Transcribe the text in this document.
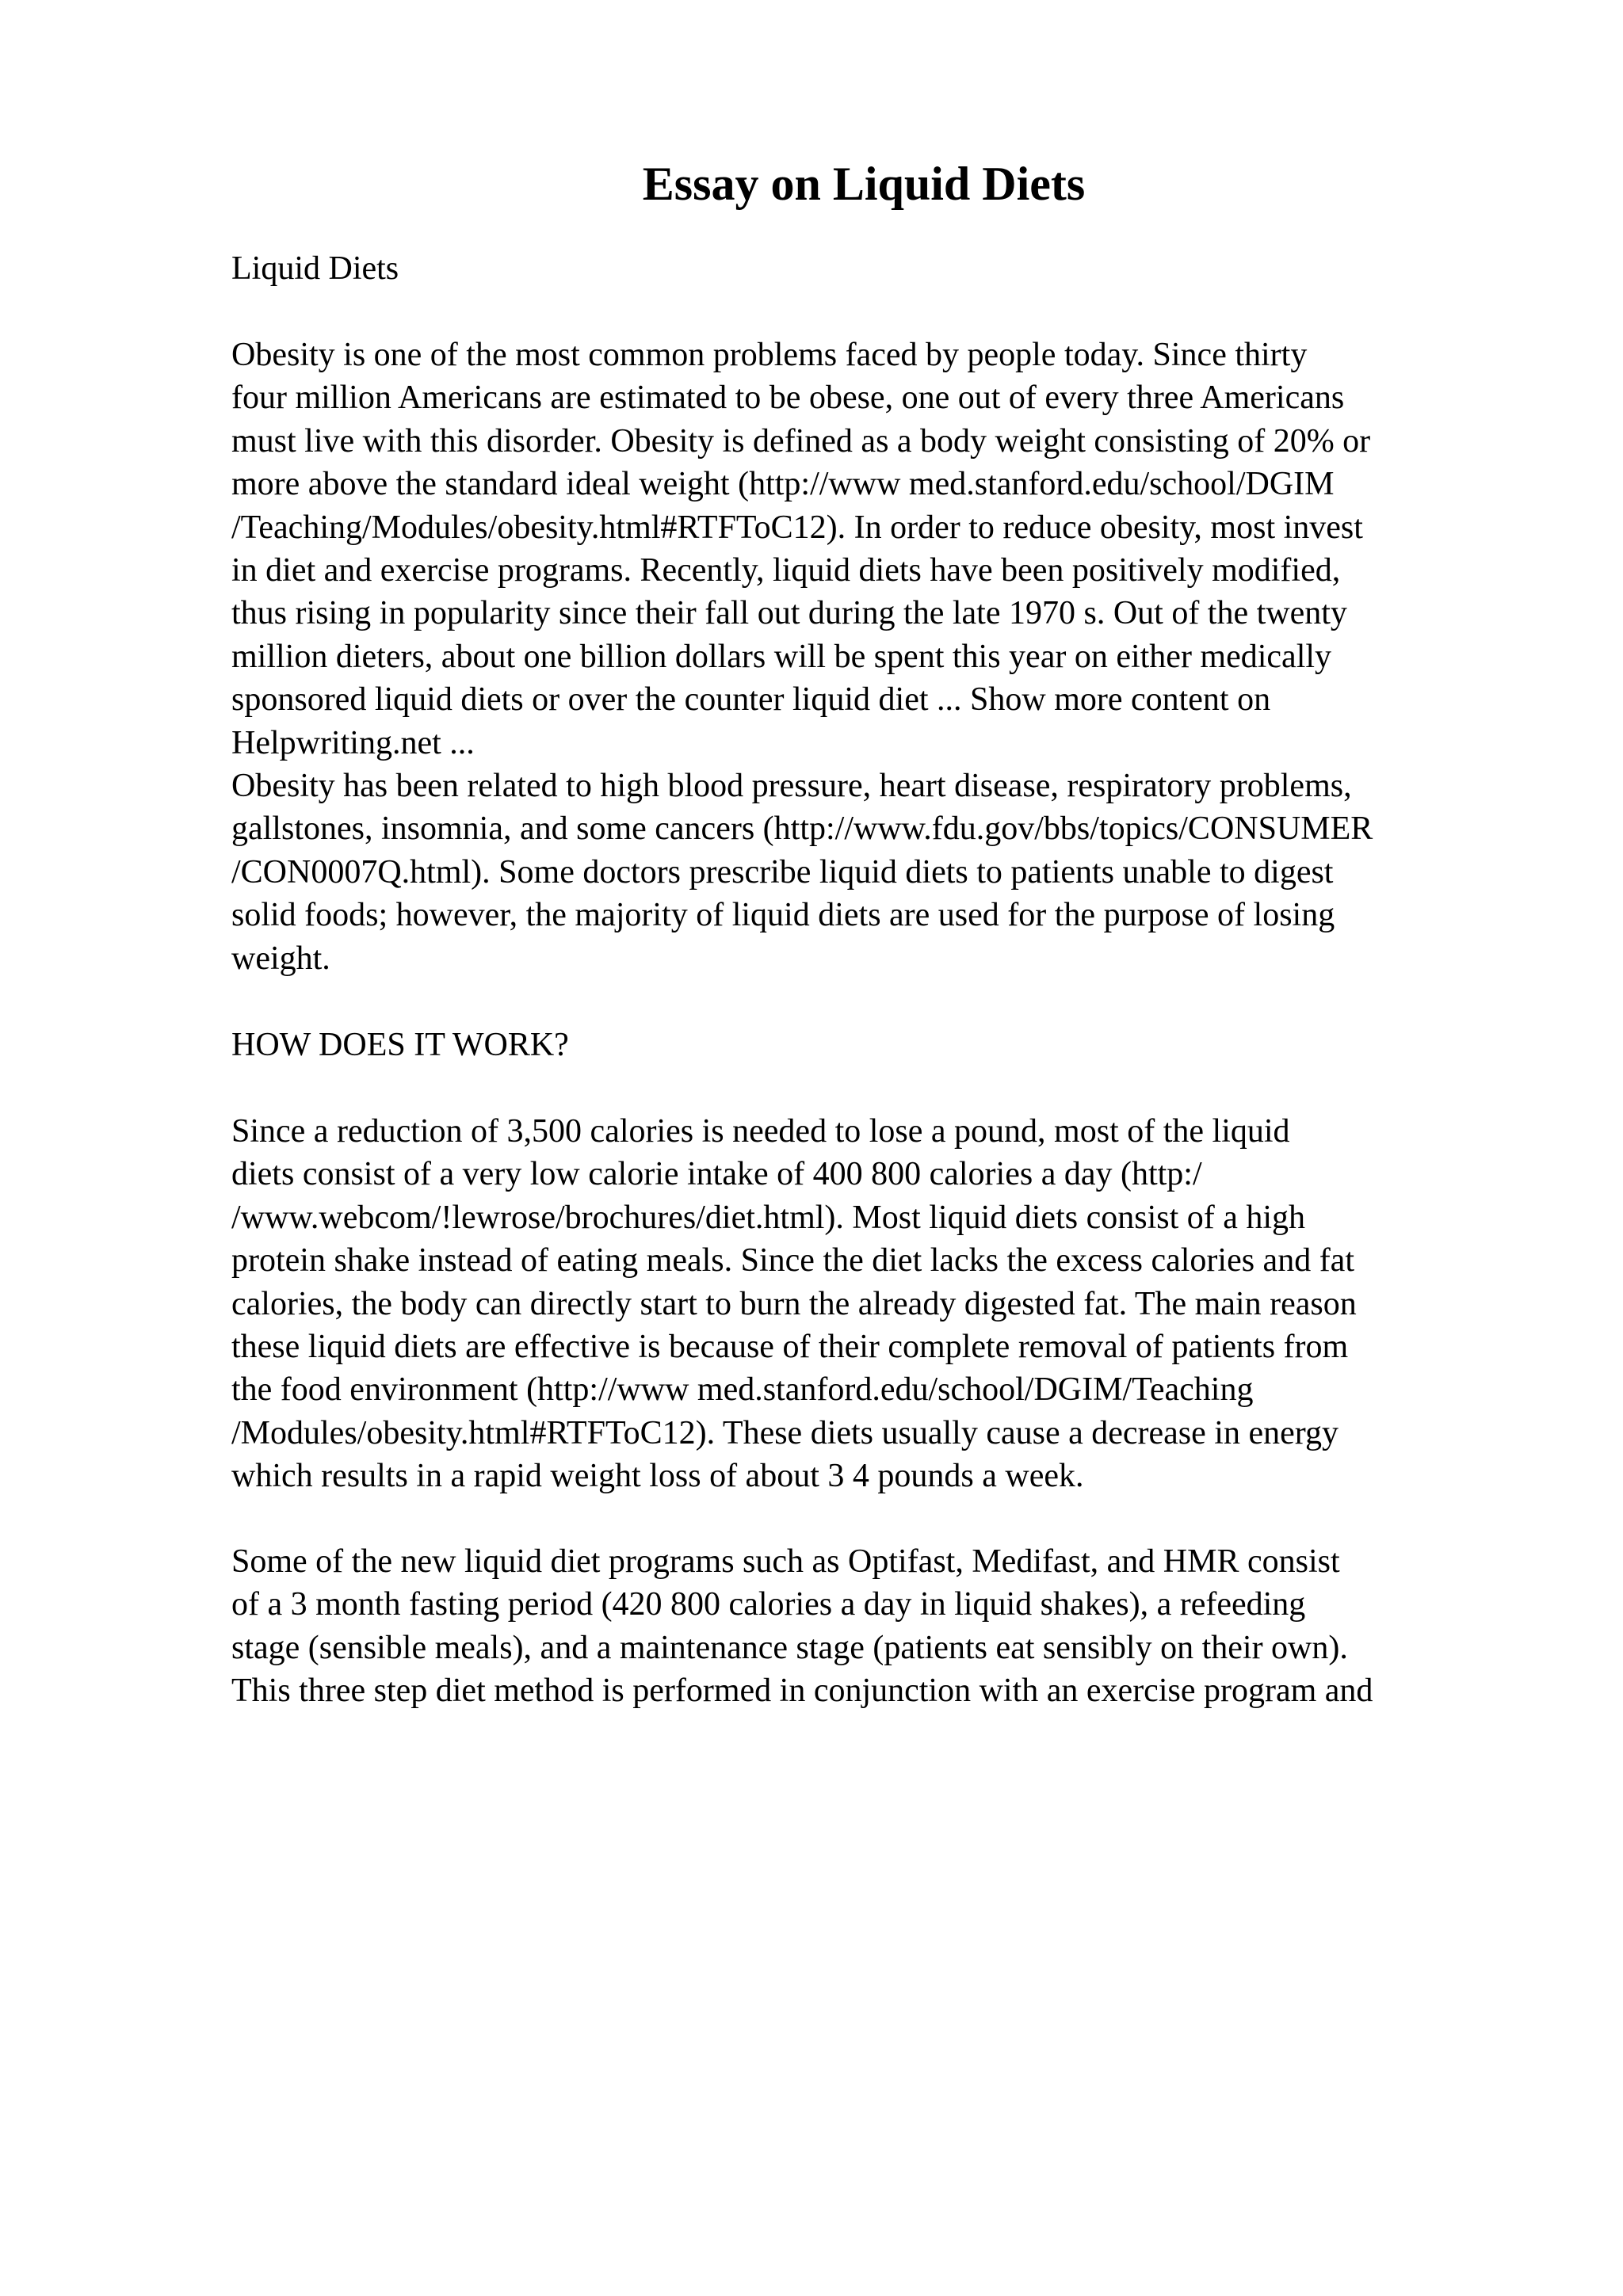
Essay on Liquid Diets

Liquid Diets

Obesity is one of the most common problems faced by people today. Since thirty
four million Americans are estimated to be obese, one out of every three Americans
must live with this disorder. Obesity is defined as a body weight consisting of 20% or
more above the standard ideal weight (http://www med.stanford.edu/school/DGIM
/Teaching/Modules/obesity.html#RTFToC12). In order to reduce obesity, most invest
in diet and exercise programs. Recently, liquid diets have been positively modified,
thus rising in popularity since their fall out during the late 1970 s. Out of the twenty
million dieters, about one billion dollars will be spent this year on either medically
sponsored liquid diets or over the counter liquid diet ... Show more content on
Helpwriting.net ...

Obesity has been related to high blood pressure, heart disease, respiratory problems,
gallstones, insomnia, and some cancers (http://www.fdu.gov/bbs/topics/CONSUMER
/CON0007Q.html). Some doctors prescribe liquid diets to patients unable to digest
solid foods; however, the majority of liquid diets are used for the purpose of losing
weight.

HOW DOES IT WORK?

Since a reduction of 3,500 calories is needed to lose a pound, most of the liquid
diets consist of a very low calorie intake of 400 800 calories a day (http:/
/www.webcom/!lewrose/brochures/diet.html). Most liquid diets consist of a high
protein shake instead of eating meals. Since the diet lacks the excess calories and fat
calories, the body can directly start to burn the already digested fat. The main reason
these liquid diets are effective is because of their complete removal of patients from
the food environment (http://www med.stanford.edu/school/DGIM/Teaching
/Modules/obesity.html#RTFToC12). These diets usually cause a decrease in energy
which results in a rapid weight loss of about 3 4 pounds a week.

Some of the new liquid diet programs such as Optifast, Medifast, and HMR consist
of a 3 month fasting period (420 800 calories a day in liquid shakes), a refeeding
stage (sensible meals), and a maintenance stage (patients eat sensibly on their own).
This three step diet method is performed in conjunction with an exercise program and
